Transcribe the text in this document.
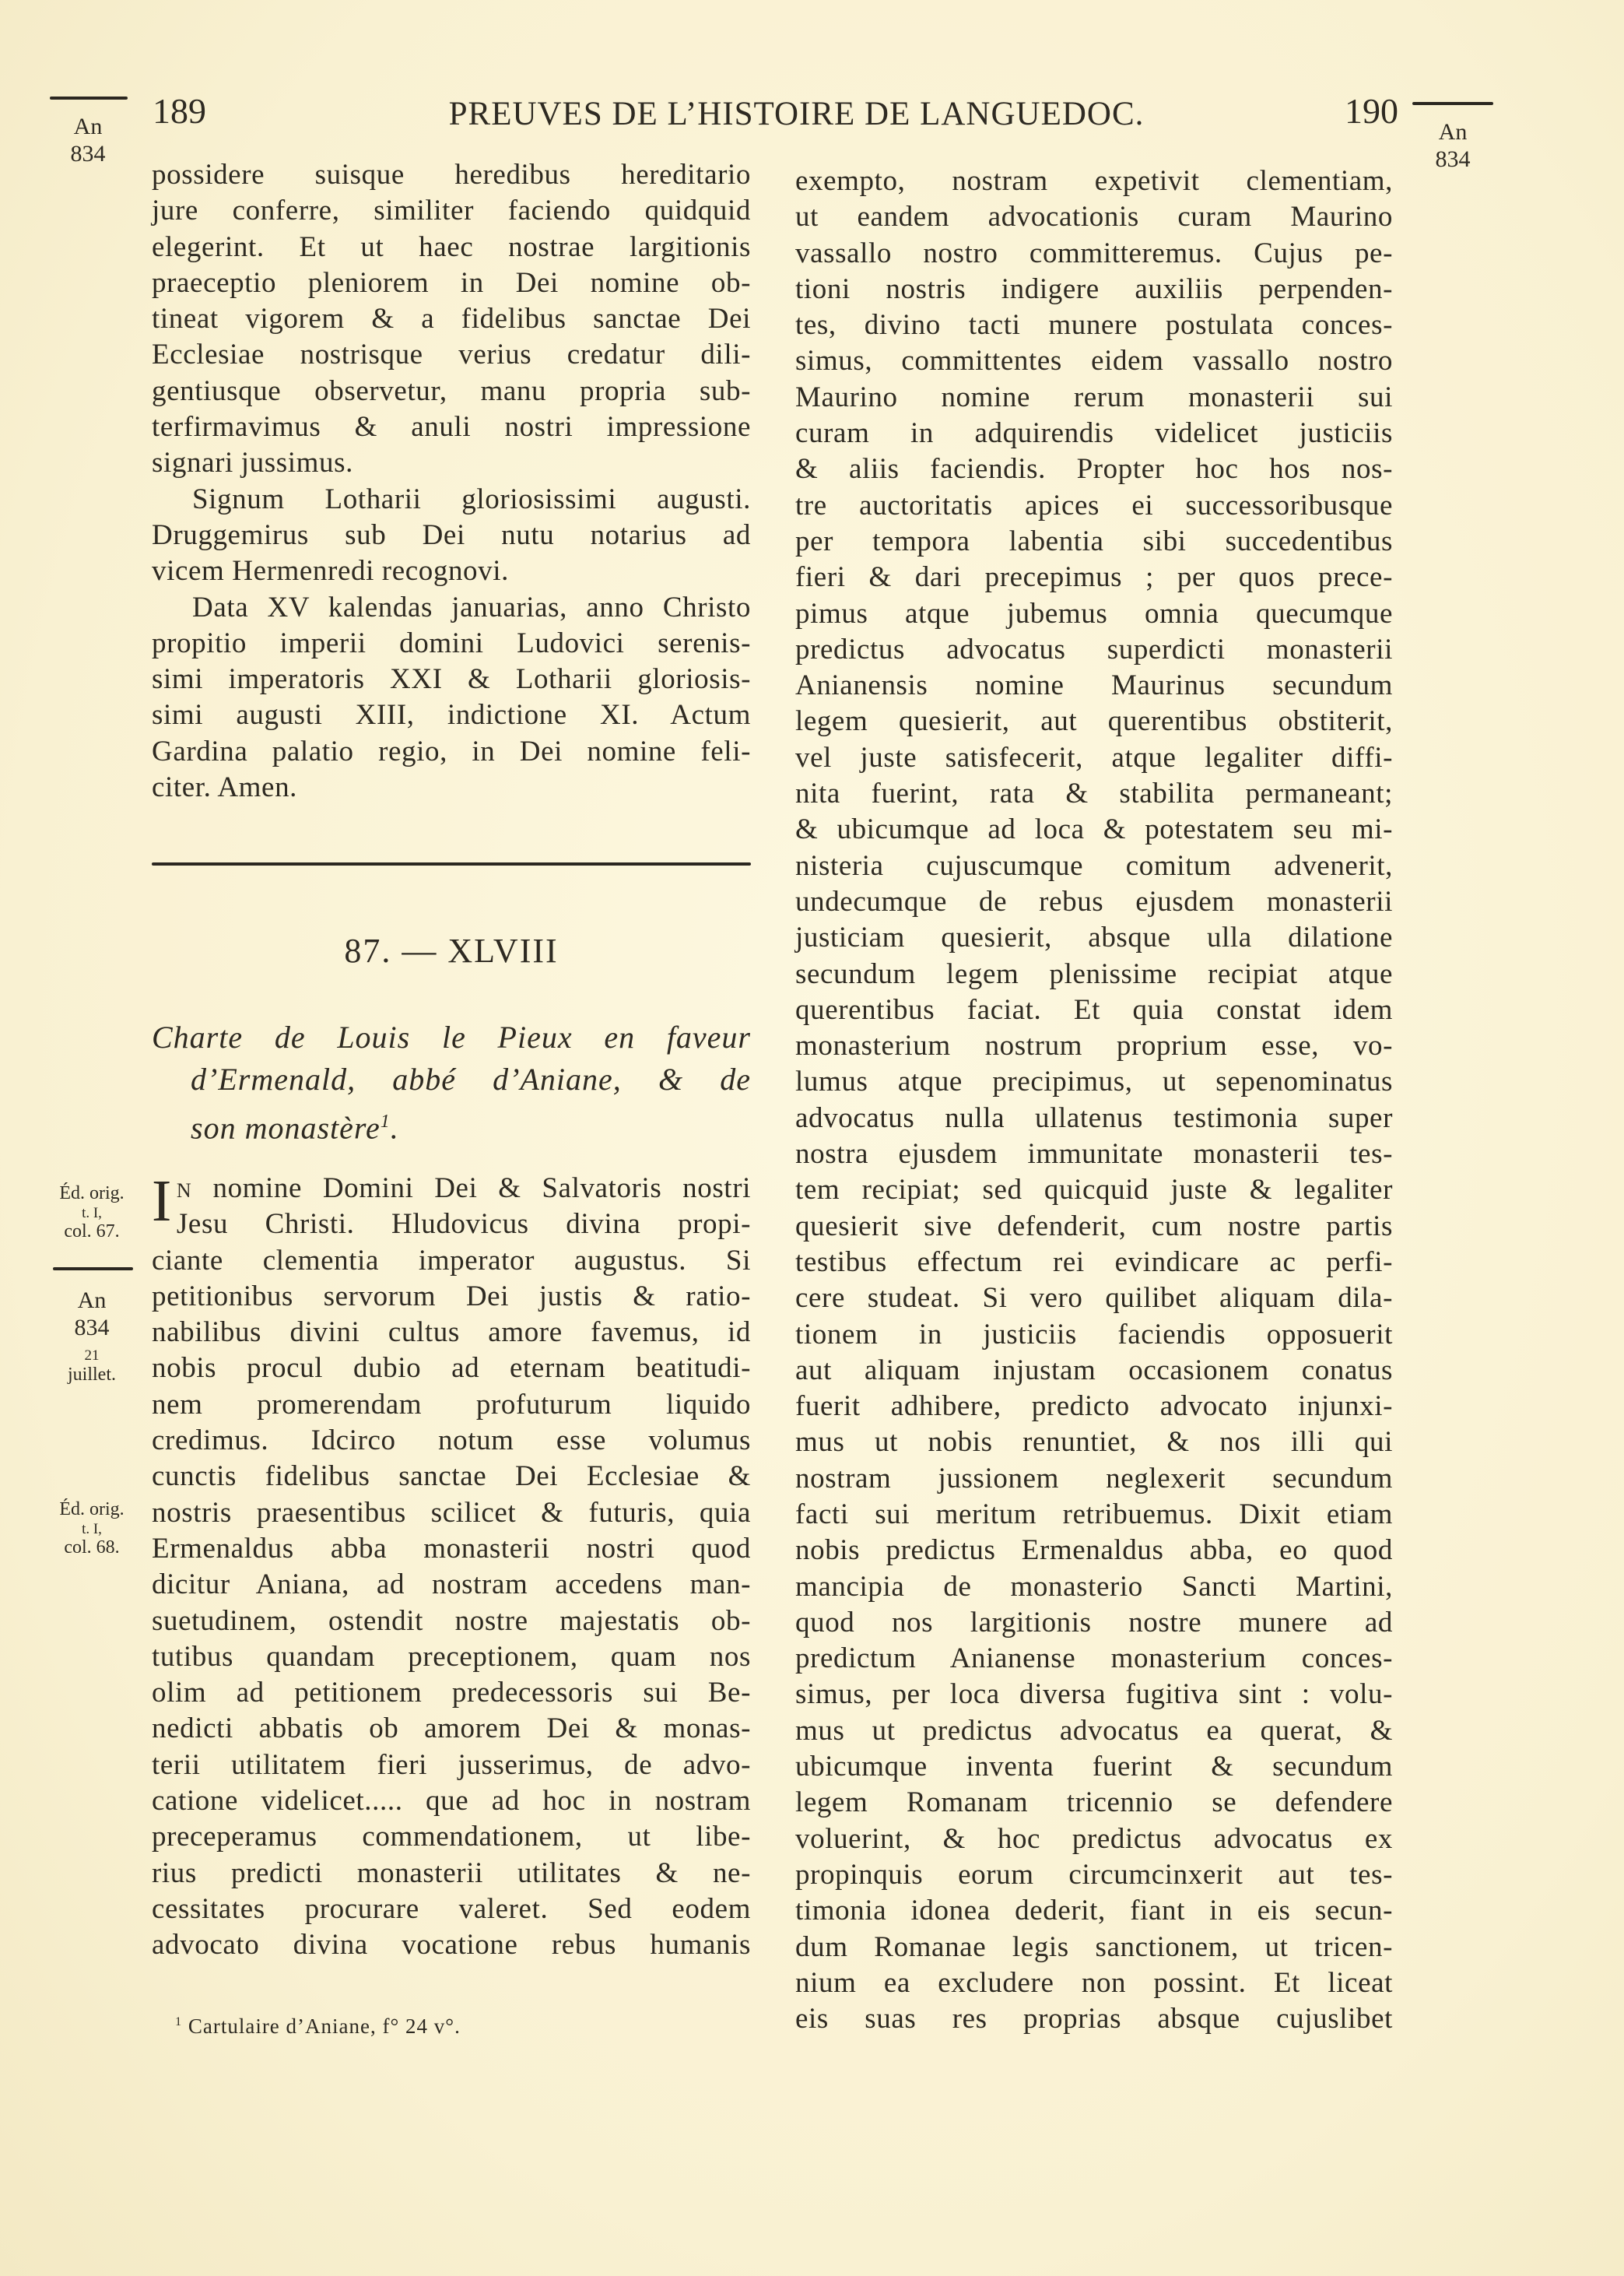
189	PREUVES DE L’HISTOIRE DE LANGUEDOC.	190
An
834
An
834
possidere suisque heredibus hereditario
jure conferre, similiter faciendo quidquid
elegerint. Et ut haec nostrae largitionis
praeceptio pleniorem in Dei nomine ob-
tineat vigorem & a fidelibus sanctae Dei
Ecclesiae nostrisque verius credatur dili-
gentiusque observetur, manu propria sub-
terfirmavimus & anuli nostri impressione
signari jussimus.
Signum Lotharii gloriosissimi augusti.
Druggemirus sub Dei nutu notarius ad
vicem Hermenredi recognovi.
Data XV kalendas januarias, anno Christo
propitio imperii domini Ludovici serenis-
simi imperatoris XXI & Lotharii gloriosis-
simi augusti XIII, indictione XI. Actum
Gardina palatio regio, in Dei nomine feli-
citer. Amen.
87. — XLVIII
Charte de Louis le Pieux en faveur
d’Ermenald, abbé d’Aniane, & de
son monastère$^1$.
Éd. orig.
t. I,
col. 67.
An
834
21
juillet.
Éd. orig.
t. I,
col. 68.
I N nomine Domini Dei & Salvatoris nostri
Jesu Christi. Hludovicus divina propi-
ciante clementia imperator augustus. Si
petitionibus servorum Dei justis & ratio-
nabilibus divini cultus amore favemus, id
nobis procul dubio ad eternam beatitudi-
nem promerendam profuturum liquido
credimus. Idcirco notum esse volumus
cunctis fidelibus sanctae Dei Ecclesiae &
nostris praesentibus scilicet & futuris, quia
Ermenaldus abba monasterii nostri quod
dicitur Aniana, ad nostram accedens man-
suetudinem, ostendit nostre majestatis ob-
tutibus quandam preceptionem, quam nos
olim ad petitionem predecessoris sui Be-
nedicti abbatis ob amorem Dei & monas-
terii utilitatem fieri jusserimus, de advo-
catione videlicet..... que ad hoc in nostram
preceperamus commendationem, ut libe-
rius predicti monasterii utilitates & ne-
cessitates procurare valeret. Sed eodem
advocato divina vocatione rebus humanis
$^1$ Cartulaire d’Aniane, f° 24 v°.
exempto, nostram expetivit clementiam,
ut eandem advocationis curam Maurino
vassallo nostro committeremus. Cujus pe-
tioni nostris indigere auxiliis perpenden-
tes, divino tacti munere postulata conces-
simus, committentes eidem vassallo nostro
Maurino nomine rerum monasterii sui
curam in adquirendis videlicet justiciis
& aliis faciendis. Propter hoc hos nos-
tre auctoritatis apices ei successoribusque
per tempora labentia sibi succedentibus
fieri & dari precepimus ; per quos prece-
pimus atque jubemus omnia quecumque
predictus advocatus superdicti monasterii
Anianensis nomine Maurinus secundum
legem quesierit, aut querentibus obstiterit,
vel juste satisfecerit, atque legaliter diffi-
nita fuerint, rata & stabilita permaneant;
& ubicumque ad loca & potestatem seu mi-
nisteria cujuscumque comitum advenerit,
undecumque de rebus ejusdem monasterii
justiciam quesierit, absque ulla dilatione
secundum legem plenissime recipiat atque
querentibus faciat. Et quia constat idem
monasterium nostrum proprium esse, vo-
lumus atque precipimus, ut sepenominatus
advocatus nulla ullatenus testimonia super
nostra ejusdem immunitate monasterii tes-
tem recipiat; sed quicquid juste & legaliter
quesierit sive defenderit, cum nostre partis
testibus effectum rei evindicare ac perfi-
cere studeat. Si vero quilibet aliquam dila-
tionem in justiciis faciendis opposuerit
aut aliquam injustam occasionem conatus
fuerit adhibere, predicto advocato injunxi-
mus ut nobis renuntiet, & nos illi qui
nostram jussionem neglexerit secundum
facti sui meritum retribuemus. Dixit etiam
nobis predictus Ermenaldus abba, eo quod
mancipia de monasterio Sancti Martini,
quod nos largitionis nostre munere ad
predictum Anianense monasterium conces-
simus, per loca diversa fugitiva sint : volu-
mus ut predictus advocatus ea querat, &
ubicumque inventa fuerint & secundum
legem Romanam tricennio se defendere
voluerint, & hoc predictus advocatus ex
propinquis eorum circumcinxerit aut tes-
timonia idonea dederit, fiant in eis secun-
dum Romanae legis sanctionem, ut tricen-
nium ea excludere non possint. Et liceat
eis suas res proprias absque cujuslibet
